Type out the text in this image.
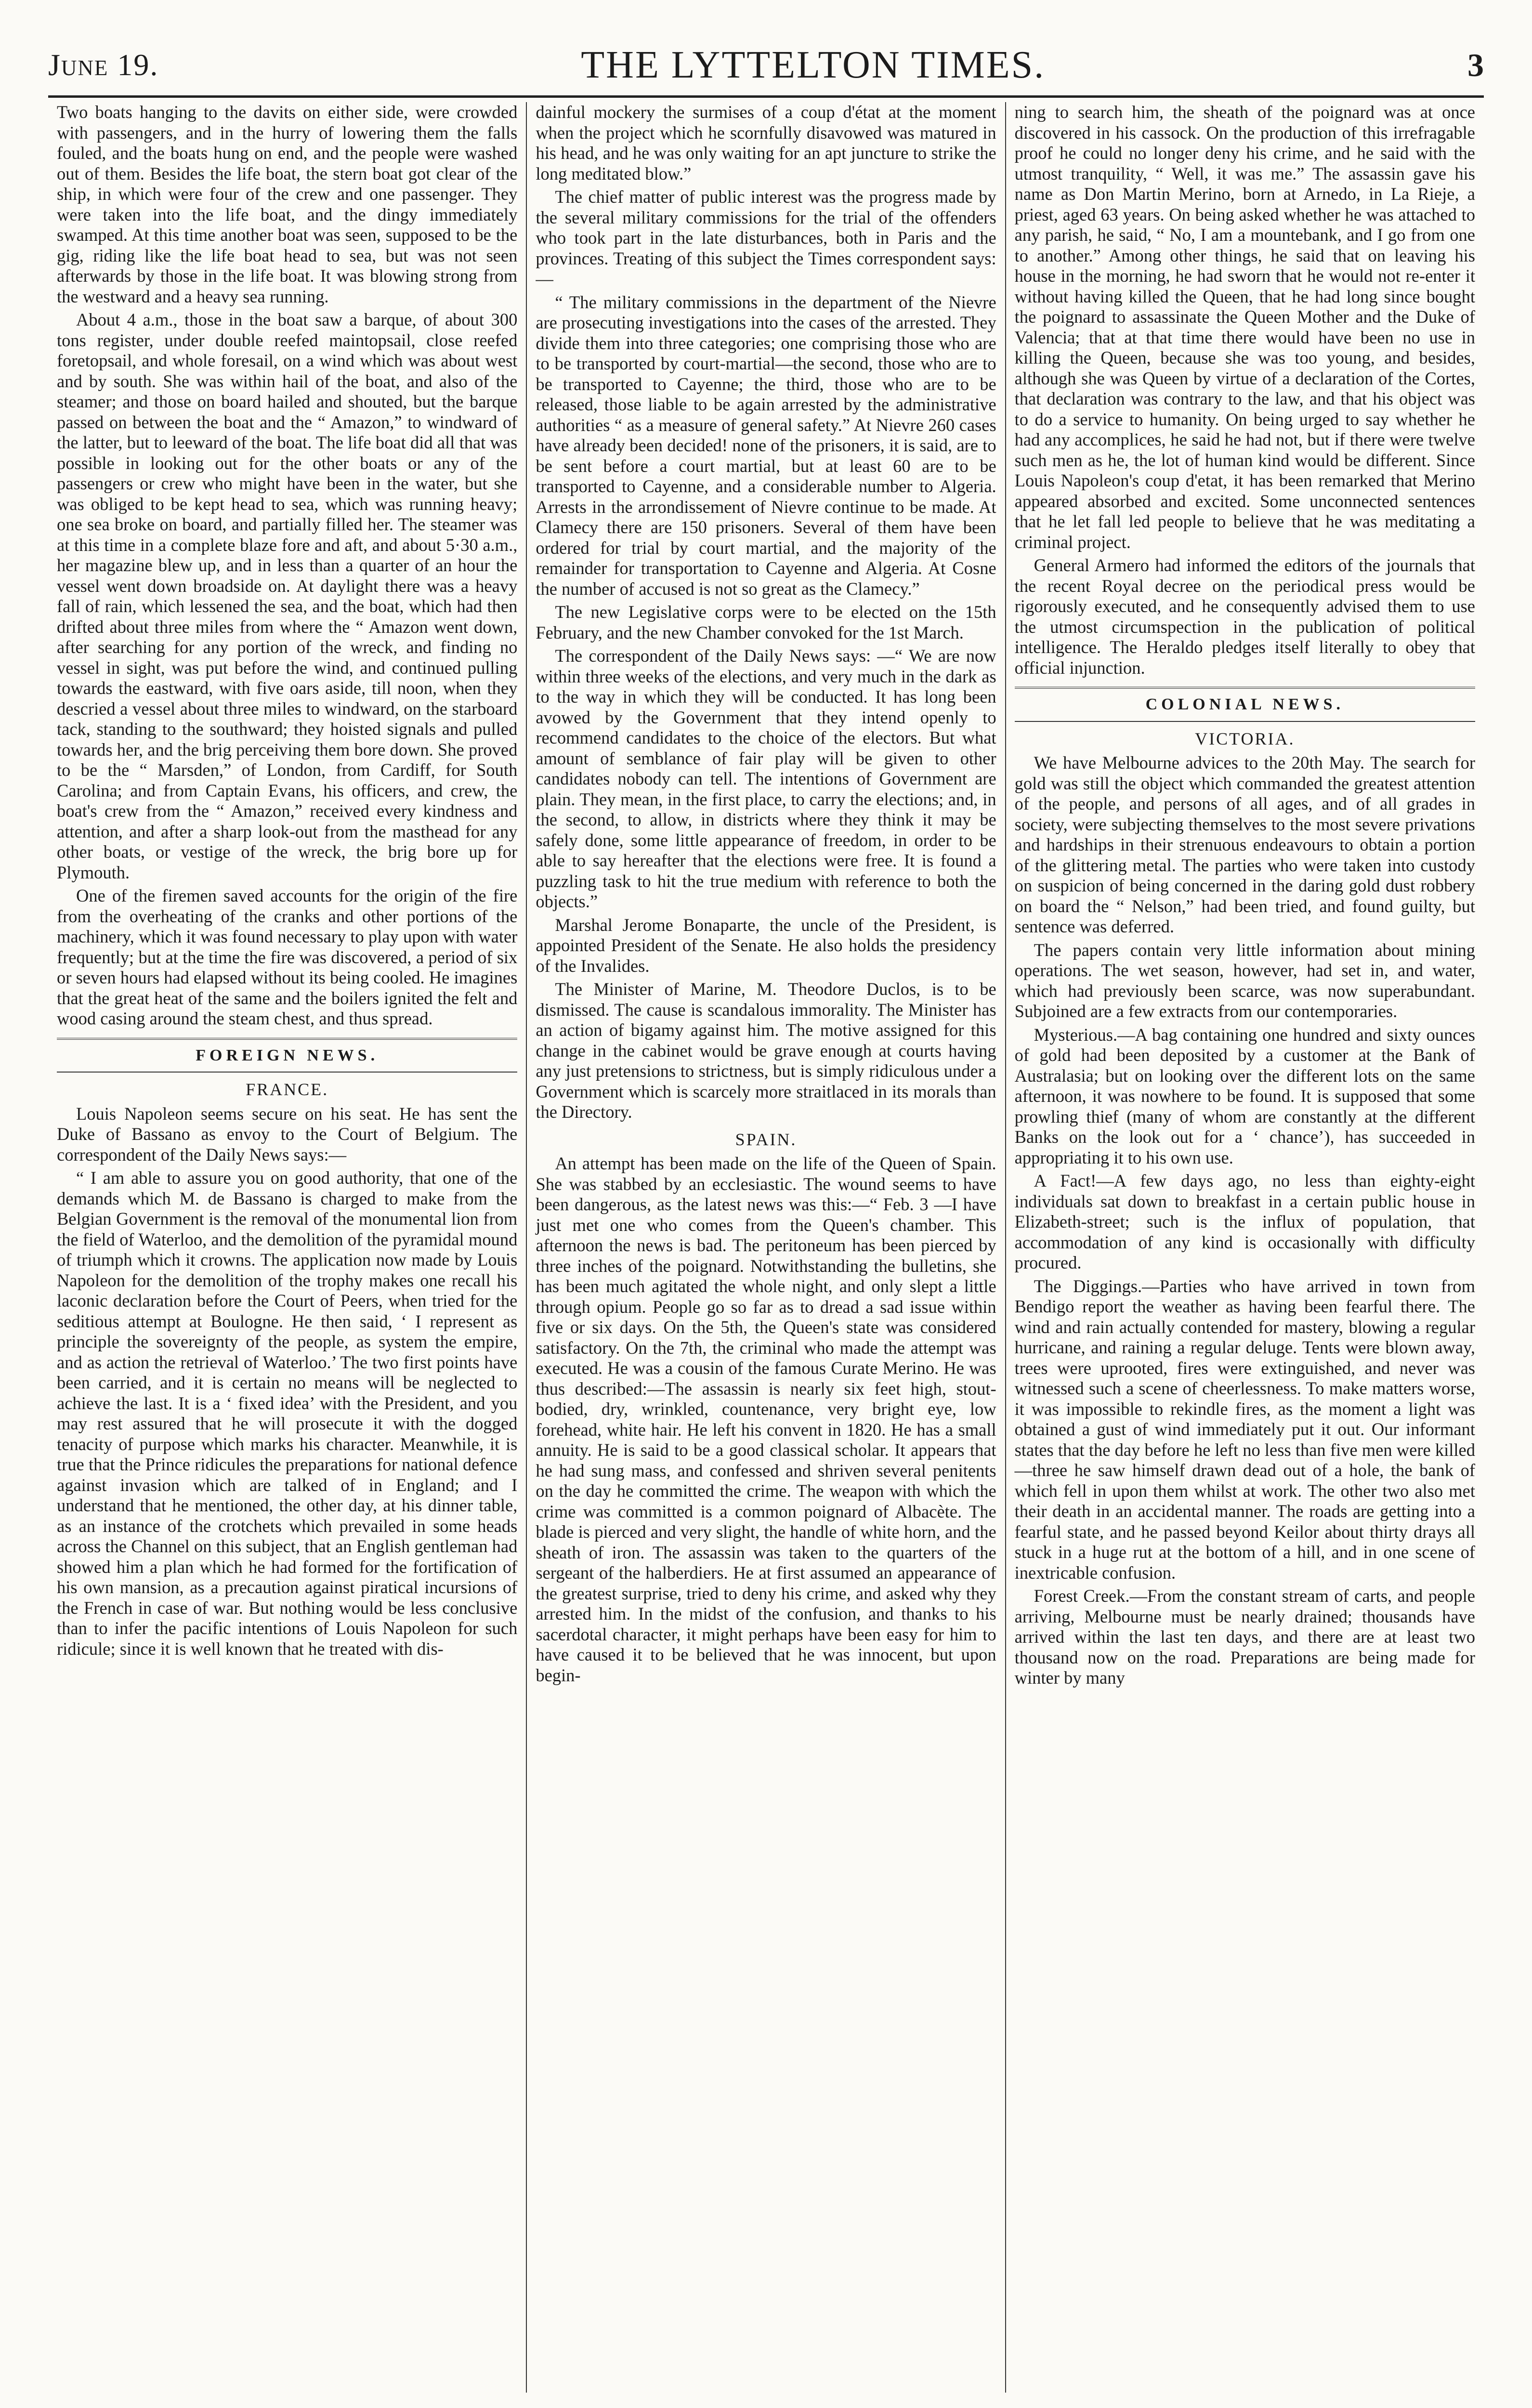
June 19.	THE LYTTELTON TIMES.	3

Two boats hanging to the davits on either side, were crowded with passengers, and in the hurry of lowering them the falls fouled, and the boats hung on end, and the people were washed out of them. Besides the life boat, the stern boat got clear of the ship, in which were four of the crew and one passenger. They were taken into the life boat, and the dingy immediately swamped. At this time another boat was seen, supposed to be the gig, riding like the life boat head to sea, but was not seen afterwards by those in the life boat. It was blowing strong from the westward and a heavy sea running.

About 4 a.m., those in the boat saw a barque, of about 300 tons register, under double reefed maintopsail, close reefed foretopsail, and whole foresail, on a wind which was about west and by south. She was within hail of the boat, and also of the steamer; and those on board hailed and shouted, but the barque passed on between the boat and the “ Amazon,” to windward of the latter, but to leeward of the boat. The life boat did all that was possible in looking out for the other boats or any of the passengers or crew who might have been in the water, but she was obliged to be kept head to sea, which was running heavy; one sea broke on board, and partially filled her. The steamer was at this time in a complete blaze fore and aft, and about 5·30 a.m., her magazine blew up, and in less than a quarter of an hour the vessel went down broadside on. At daylight there was a heavy fall of rain, which lessened the sea, and the boat, which had then drifted about three miles from where the “ Amazon went down, after searching for any portion of the wreck, and finding no vessel in sight, was put before the wind, and continued pulling towards the eastward, with five oars aside, till noon, when they descried a vessel about three miles to windward, on the starboard tack, standing to the southward; they hoisted signals and pulled towards her, and the brig perceiving them bore down. She proved to be the “ Marsden,” of London, from Cardiff, for South Carolina; and from Captain Evans, his officers, and crew, the boat's crew from the “ Amazon,” received every kindness and attention, and after a sharp look-out from the masthead for any other boats, or vestige of the wreck, the brig bore up for Plymouth.

One of the firemen saved accounts for the origin of the fire from the overheating of the cranks and other portions of the machinery, which it was found necessary to play upon with water frequently; but at the time the fire was discovered, a period of six or seven hours had elapsed without its being cooled. He imagines that the great heat of the same and the boilers ignited the felt and wood casing around the steam chest, and thus spread.

FOREIGN NEWS.
FRANCE.

Louis Napoleon seems secure on his seat. He has sent the Duke of Bassano as envoy to the Court of Belgium. The correspondent of the Daily News says:—

“ I am able to assure you on good authority, that one of the demands which M. de Bassano is charged to make from the Belgian Government is the removal of the monumental lion from the field of Waterloo, and the demolition of the pyramidal mound of triumph which it crowns. The application now made by Louis Napoleon for the demolition of the trophy makes one recall his laconic declaration before the Court of Peers, when tried for the seditious attempt at Boulogne. He then said, ‘ I represent as principle the sovereignty of the people, as system the empire, and as action the retrieval of Waterloo.’ The two first points have been carried, and it is certain no means will be neglected to achieve the last. It is a ‘ fixed idea’ with the President, and you may rest assured that he will prosecute it with the dogged tenacity of purpose which marks his character. Meanwhile, it is true that the Prince ridicules the preparations for national defence against invasion which are talked of in England; and I understand that he mentioned, the other day, at his dinner table, as an instance of the crotchets which prevailed in some heads across the Channel on this subject, that an English gentleman had showed him a plan which he had formed for the fortification of his own mansion, as a precaution against piratical incursions of the French in case of war. But nothing would be less conclusive than to infer the pacific intentions of Louis Napoleon for such ridicule; since it is well known that he treated with dis-

dainful mockery the surmises of a coup d'état at the moment when the project which he scornfully disavowed was matured in his head, and he was only waiting for an apt juncture to strike the long meditated blow.”

The chief matter of public interest was the progress made by the several military commissions for the trial of the offenders who took part in the late disturbances, both in Paris and the provinces. Treating of this subject the Times correspondent says:—

“ The military commissions in the department of the Nievre are prosecuting investigations into the cases of the arrested. They divide them into three categories; one comprising those who are to be transported by court-martial—the second, those who are to be transported to Cayenne; the third, those who are to be released, those liable to be again arrested by the administrative authorities “ as a measure of general safety.” At Nievre 260 cases have already been decided! none of the prisoners, it is said, are to be sent before a court martial, but at least 60 are to be transported to Cayenne, and a considerable number to Algeria. Arrests in the arrondissement of Nievre continue to be made. At Clamecy there are 150 prisoners. Several of them have been ordered for trial by court martial, and the majority of the remainder for transportation to Cayenne and Algeria. At Cosne the number of accused is not so great as the Clamecy.”

The new Legislative corps were to be elected on the 15th February, and the new Chamber convoked for the 1st March.

The correspondent of the Daily News says: —“ We are now within three weeks of the elections, and very much in the dark as to the way in which they will be conducted. It has long been avowed by the Government that they intend openly to recommend candidates to the choice of the electors. But what amount of semblance of fair play will be given to other candidates nobody can tell. The intentions of Government are plain. They mean, in the first place, to carry the elections; and, in the second, to allow, in districts where they think it may be safely done, some little appearance of freedom, in order to be able to say hereafter that the elections were free. It is found a puzzling task to hit the true medium with reference to both the objects.”

Marshal Jerome Bonaparte, the uncle of the President, is appointed President of the Senate. He also holds the presidency of the Invalides.

The Minister of Marine, M. Theodore Duclos, is to be dismissed. The cause is scandalous immorality. The Minister has an action of bigamy against him. The motive assigned for this change in the cabinet would be grave enough at courts having any just pretensions to strictness, but is simply ridiculous under a Government which is scarcely more straitlaced in its morals than the Directory.

SPAIN.

An attempt has been made on the life of the Queen of Spain. She was stabbed by an ecclesiastic. The wound seems to have been dangerous, as the latest news was this:—“ Feb. 3 —I have just met one who comes from the Queen's chamber. This afternoon the news is bad. The peritoneum has been pierced by three inches of the poignard. Notwithstanding the bulletins, she has been much agitated the whole night, and only slept a little through opium. People go so far as to dread a sad issue within five or six days. On the 5th, the Queen's state was considered satisfactory. On the 7th, the criminal who made the attempt was executed. He was a cousin of the famous Curate Merino. He was thus described:—The assassin is nearly six feet high, stout-bodied, dry, wrinkled, countenance, very bright eye, low forehead, white hair. He left his convent in 1820. He has a small annuity. He is said to be a good classical scholar. It appears that he had sung mass, and confessed and shriven several penitents on the day he committed the crime. The weapon with which the crime was committed is a common poignard of Albacète. The blade is pierced and very slight, the handle of white horn, and the sheath of iron. The assassin was taken to the quarters of the sergeant of the halberdiers. He at first assumed an appearance of the greatest surprise, tried to deny his crime, and asked why they arrested him. In the midst of the confusion, and thanks to his sacerdotal character, it might perhaps have been easy for him to have caused it to be believed that he was innocent, but upon begin-

ning to search him, the sheath of the poignard was at once discovered in his cassock. On the production of this irrefragable proof he could no longer deny his crime, and he said with the utmost tranquility, “ Well, it was me.” The assassin gave his name as Don Martin Merino, born at Arnedo, in La Rieje, a priest, aged 63 years. On being asked whether he was attached to any parish, he said, “ No, I am a mountebank, and I go from one to another.” Among other things, he said that on leaving his house in the morning, he had sworn that he would not re-enter it without having killed the Queen, that he had long since bought the poignard to assassinate the Queen Mother and the Duke of Valencia; that at that time there would have been no use in killing the Queen, because she was too young, and besides, although she was Queen by virtue of a declaration of the Cortes, that declaration was contrary to the law, and that his object was to do a service to humanity. On being urged to say whether he had any accomplices, he said he had not, but if there were twelve such men as he, the lot of human kind would be different. Since Louis Napoleon's coup d'etat, it has been remarked that Merino appeared absorbed and excited. Some unconnected sentences that he let fall led people to believe that he was meditating a criminal project.

General Armero had informed the editors of the journals that the recent Royal decree on the periodical press would be rigorously executed, and he consequently advised them to use the utmost circumspection in the publication of political intelligence. The Heraldo pledges itself literally to obey that official injunction.

COLONIAL NEWS.
VICTORIA.

We have Melbourne advices to the 20th May. The search for gold was still the object which commanded the greatest attention of the people, and persons of all ages, and of all grades in society, were subjecting themselves to the most severe privations and hardships in their strenuous endeavours to obtain a portion of the glittering metal. The parties who were taken into custody on suspicion of being concerned in the daring gold dust robbery on board the “ Nelson,” had been tried, and found guilty, but sentence was deferred.

The papers contain very little information about mining operations. The wet season, however, had set in, and water, which had previously been scarce, was now superabundant. Subjoined are a few extracts from our contemporaries.

Mysterious.—A bag containing one hundred and sixty ounces of gold had been deposited by a customer at the Bank of Australasia; but on looking over the different lots on the same afternoon, it was nowhere to be found. It is supposed that some prowling thief (many of whom are constantly at the different Banks on the look out for a ‘ chance’), has succeeded in appropriating it to his own use.

A Fact!—A few days ago, no less than eighty-eight individuals sat down to breakfast in a certain public house in Elizabeth-street; such is the influx of population, that accommodation of any kind is occasionally with difficulty procured.

The Diggings.—Parties who have arrived in town from Bendigo report the weather as having been fearful there. The wind and rain actually contended for mastery, blowing a regular hurricane, and raining a regular deluge. Tents were blown away, trees were uprooted, fires were extinguished, and never was witnessed such a scene of cheerlessness. To make matters worse, it was impossible to rekindle fires, as the moment a light was obtained a gust of wind immediately put it out. Our informant states that the day before he left no less than five men were killed—three he saw himself drawn dead out of a hole, the bank of which fell in upon them whilst at work. The other two also met their death in an accidental manner. The roads are getting into a fearful state, and he passed beyond Keilor about thirty drays all stuck in a huge rut at the bottom of a hill, and in one scene of inextricable confusion.

Forest Creek.—From the constant stream of carts, and people arriving, Melbourne must be nearly drained; thousands have arrived within the last ten days, and there are at least two thousand now on the road. Preparations are being made for winter by many
